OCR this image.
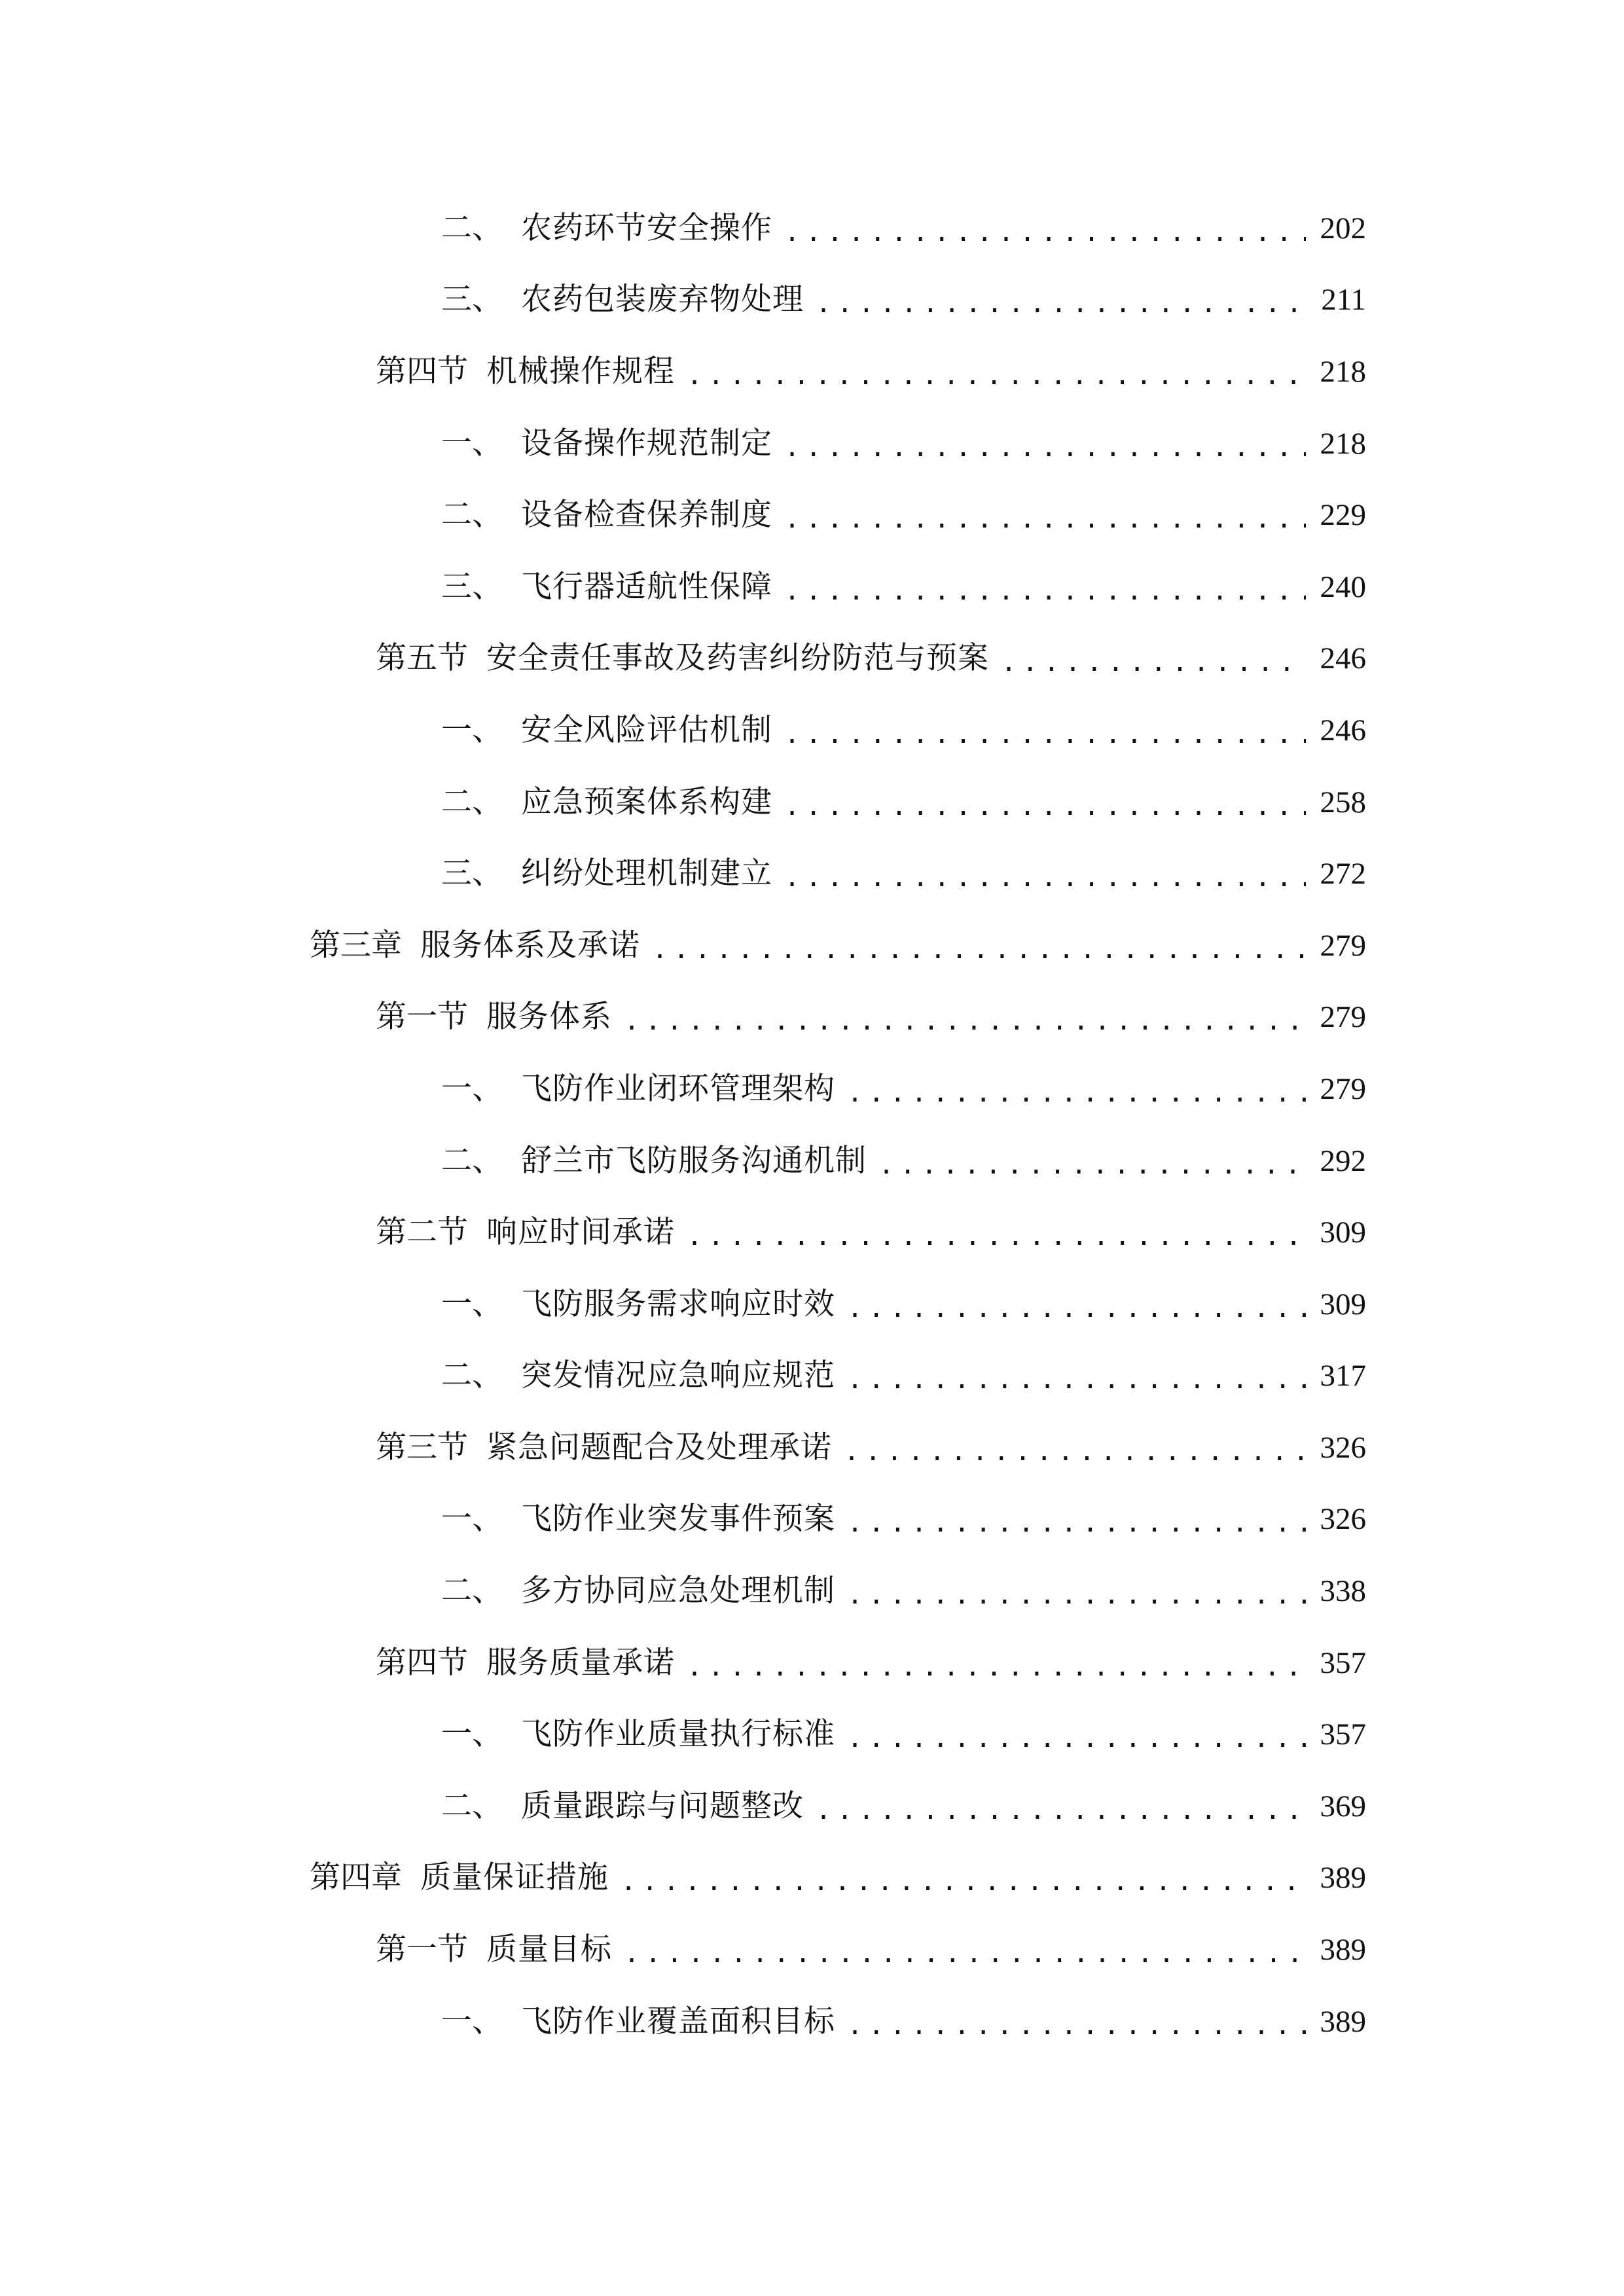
二、 农药环节安全操作 .....	202
三、 农药包装废弃物处理 .....	211
第四节 机械操作规程 .....	218
一、 设备操作规范制定 .....	218
二、 设备检查保养制度 .....	229
三、 飞行器适航性保障 .....	240
第五节 安全责任事故及药害纠纷防范与预案 .....	246
一、 安全风险评估机制 .....	246
二、 应急预案体系构建 .....	258
三、 纠纷处理机制建立 .....	272
第三章 服务体系及承诺 .....	279
第一节 服务体系 .....	279
一、 飞防作业闭环管理架构 .....	279
二、 舒兰市飞防服务沟通机制 .....	292
第二节 响应时间承诺 .....	309
一、 飞防服务需求响应时效 .....	309
二、 突发情况应急响应规范 .....	317
第三节 紧急问题配合及处理承诺 .....	326
一、 飞防作业突发事件预案 .....	326
二、 多方协同应急处理机制 .....	338
第四节 服务质量承诺 .....	357
一、 飞防作业质量执行标准 .....	357
二、 质量跟踪与问题整改 .....	369
第四章 质量保证措施 .....	389
第一节 质量目标 .....	389
一、 飞防作业覆盖面积目标 .....	389
